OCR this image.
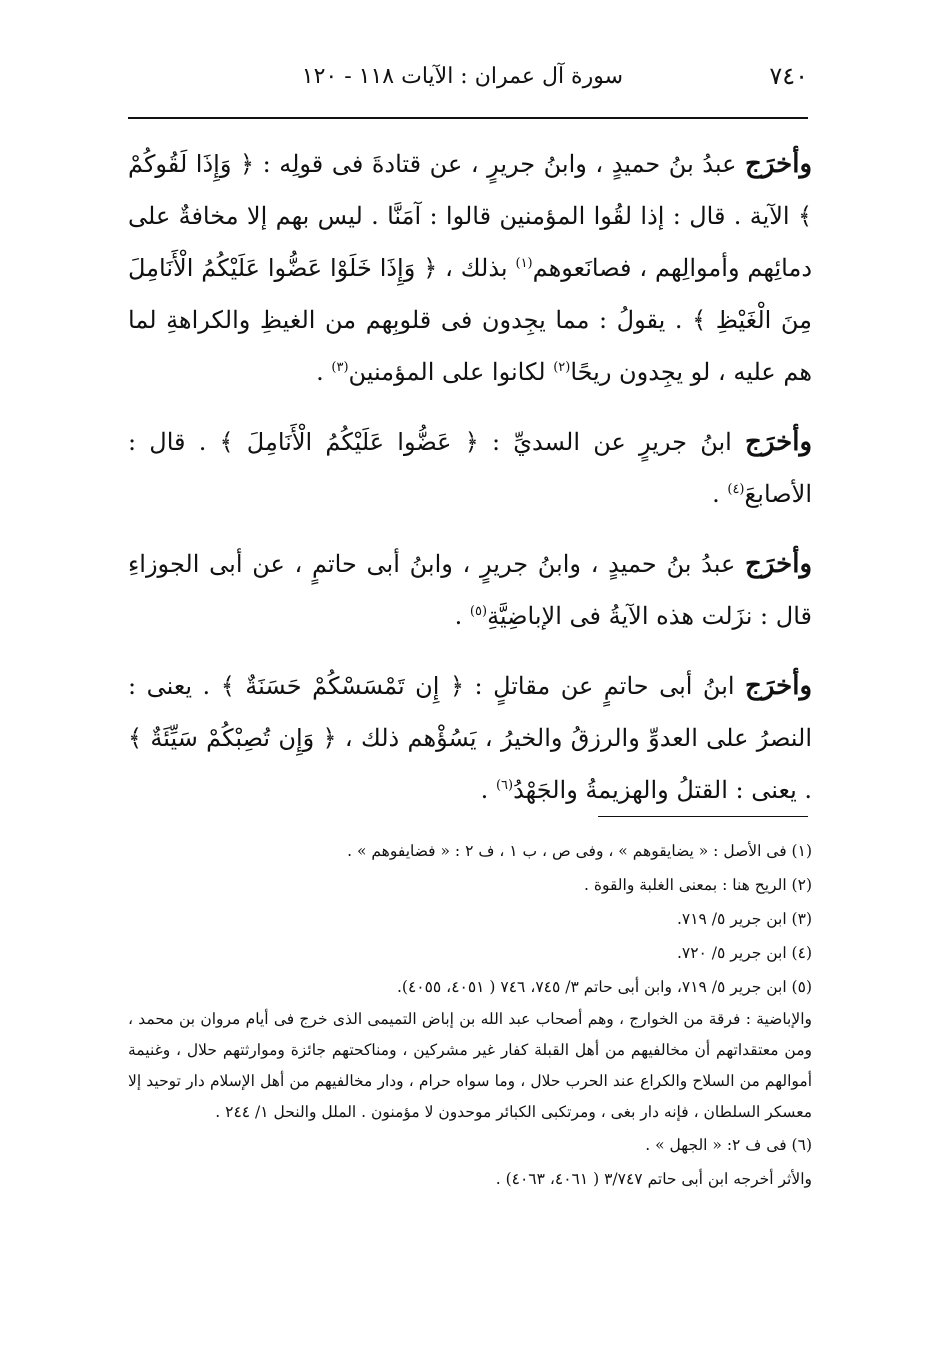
٧٤٠
سورة آل عمران : الآيات ١١٨ - ١٢٠

وأخرَج عبدُ بنُ حميدٍ ، وابنُ جريرٍ ، عن قتادةَ فى قولِه : ﴿ وَإِذَا لَقُوكُمْ ﴾ الآية . قال : إذا لقُوا المؤمنين قالوا : آمَنَّا . ليس بهم إلا مخافةٌ على دمائِهم وأموالِهم ، فصانَعوهم$^{(١)}$ بذلك ، ﴿ وَإِذَا خَلَوْا عَضُّوا عَلَيْكُمُ الْأَنَامِلَ مِنَ الْغَيْظِ ﴾ . يقولُ : مما يجِدون فى قلوبِهم من الغيظِ والكراهةِ لما هم عليه ، لو يجِدون ريحًا$^{(٢)}$ لكانوا على المؤمنين$^{(٣)}$ .

وأخرَج ابنُ جريرٍ عن السديِّ : ﴿ عَضُّوا عَلَيْكُمُ الْأَنَامِلَ ﴾ . قال : الأصابعَ$^{(٤)}$ .

وأخرَج عبدُ بنُ حميدٍ ، وابنُ جريرٍ ، وابنُ أبى حاتمٍ ، عن أبى الجوزاءِ قال : نزَلت هذه الآيةُ فى الإباضِيَّةِ$^{(٥)}$ .

وأخرَج ابنُ أبى حاتمٍ عن مقاتلٍ : ﴿ إِن تَمْسَسْكُمْ حَسَنَةٌ ﴾ . يعنى : النصرُ على العدوِّ والرزقُ والخيرُ ، يَسُؤْهم ذلك ، ﴿ وَإِن تُصِبْكُمْ سَيِّئَةٌ ﴾ . يعنى : القتلُ والهزيمةُ والجَهْدُ$^{(٦)}$ .

(١) فى الأصل : « يضايقوهم » ، وفى ص ، ب ١ ، ف ٢ : « فضايفوهم » .

(٢) الريح هنا : بمعنى الغلبة والقوة .

(٣) ابن جرير ٥/ ٧١٩.

(٤) ابن جرير ٥/ ٧٢٠.

(٥) ابن جرير ٥/ ٧١٩، وابن أبى حاتم ٣/ ٧٤٥، ٧٤٦ ( ٤٠٥١، ٤٠٥٥).

والإباضية : فرقة من الخوارج ، وهم أصحاب عبد الله بن إباض التميمى الذى خرج فى أيام مروان بن محمد ، ومن معتقداتهم أن مخالفيهم من أهل القبلة كفار غير مشركين ، ومناكحتهم جائزة وموارثتهم حلال ، وغنيمة أموالهم من السلاح والكراع عند الحرب حلال ، وما سواه حرام ، ودار مخالفيهم من أهل الإسلام دار توحيد إلا معسكر السلطان ، فإنه دار بغى ، ومرتكبى الكبائر موحدون لا مؤمنون . الملل والنحل ١/ ٢٤٤ .

(٦) فى ف ٢: « الجهل » .

والأثر أخرجه ابن أبى حاتم ٣/٧٤٧ ( ٤٠٦١، ٤٠٦٣) .
